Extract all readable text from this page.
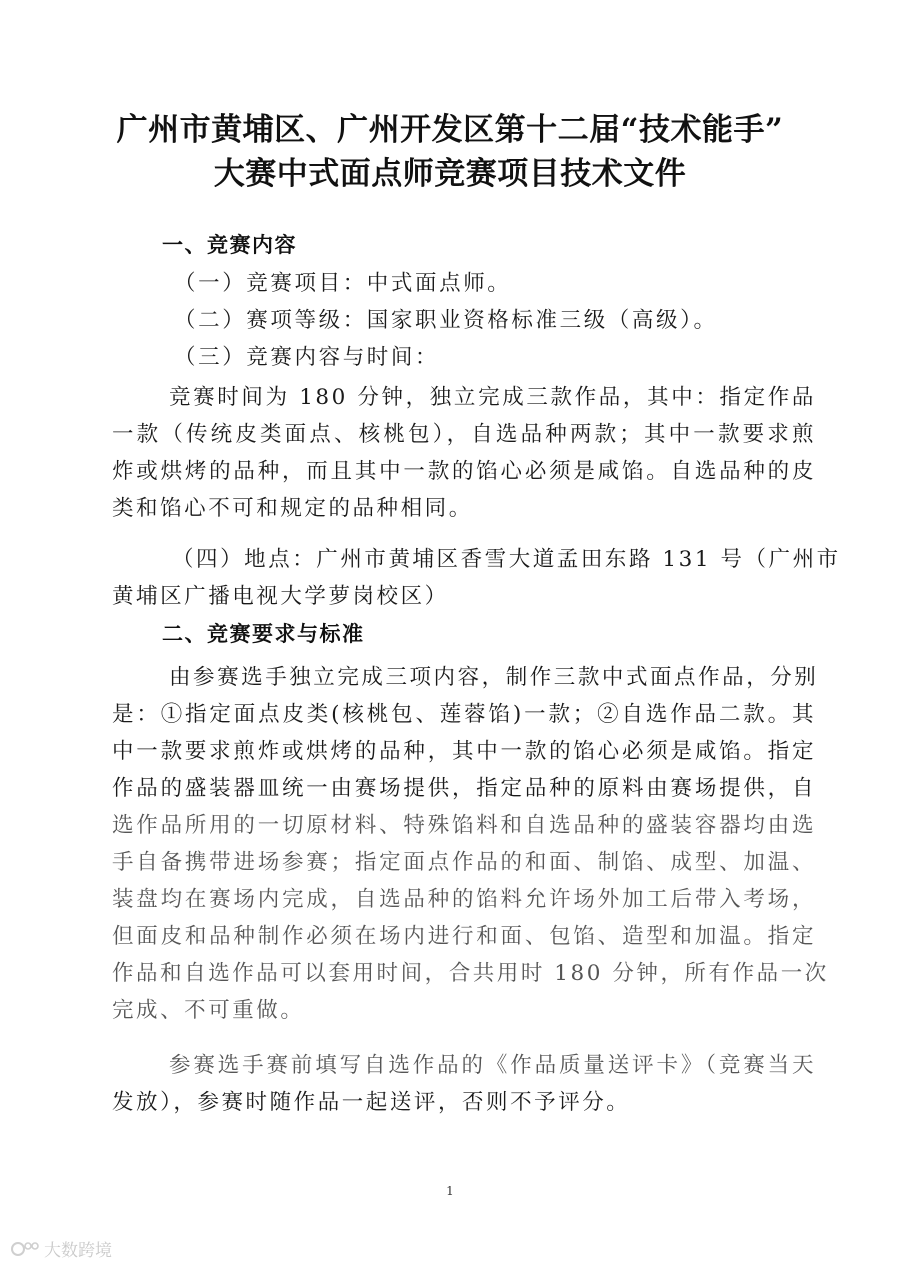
广州市黄埔区、广州开发区第十二届“技术能手”
大赛中式面点师竞赛项目技术文件
一、竞赛内容
（一）竞赛项目：中式面点师。
（二）赛项等级：国家职业资格标准三级（高级）。
（三）竞赛内容与时间：
竞赛时间为 180 分钟，独立完成三款作品，其中：指定作品
一款（传统皮类面点、核桃包），自选品种两款；其中一款要求煎
炸或烘烤的品种，而且其中一款的馅心必须是咸馅。自选品种的皮
类和馅心不可和规定的品种相同。
（四）地点：广州市黄埔区香雪大道孟田东路 131 号（广州市
黄埔区广播电视大学萝岗校区）
二、竞赛要求与标准
由参赛选手独立完成三项内容，制作三款中式面点作品，分别
是：①指定面点皮类(核桃包、莲蓉馅)一款；②自选作品二款。其
中一款要求煎炸或烘烤的品种，其中一款的馅心必须是咸馅。指定
作品的盛装器皿统一由赛场提供，指定品种的原料由赛场提供，自
选作品所用的一切原材料、特殊馅料和自选品种的盛装容器均由选
手自备携带进场参赛；指定面点作品的和面、制馅、成型、加温、
装盘均在赛场内完成，自选品种的馅料允许场外加工后带入考场，
但面皮和品种制作必须在场内进行和面、包馅、造型和加温。指定
作品和自选作品可以套用时间，合共用时 180 分钟，所有作品一次
完成、不可重做。
参赛选手赛前填写自选作品的《作品质量送评卡》（竞赛当天
发放），参赛时随作品一起送评，否则不予评分。
1
大数跨境
